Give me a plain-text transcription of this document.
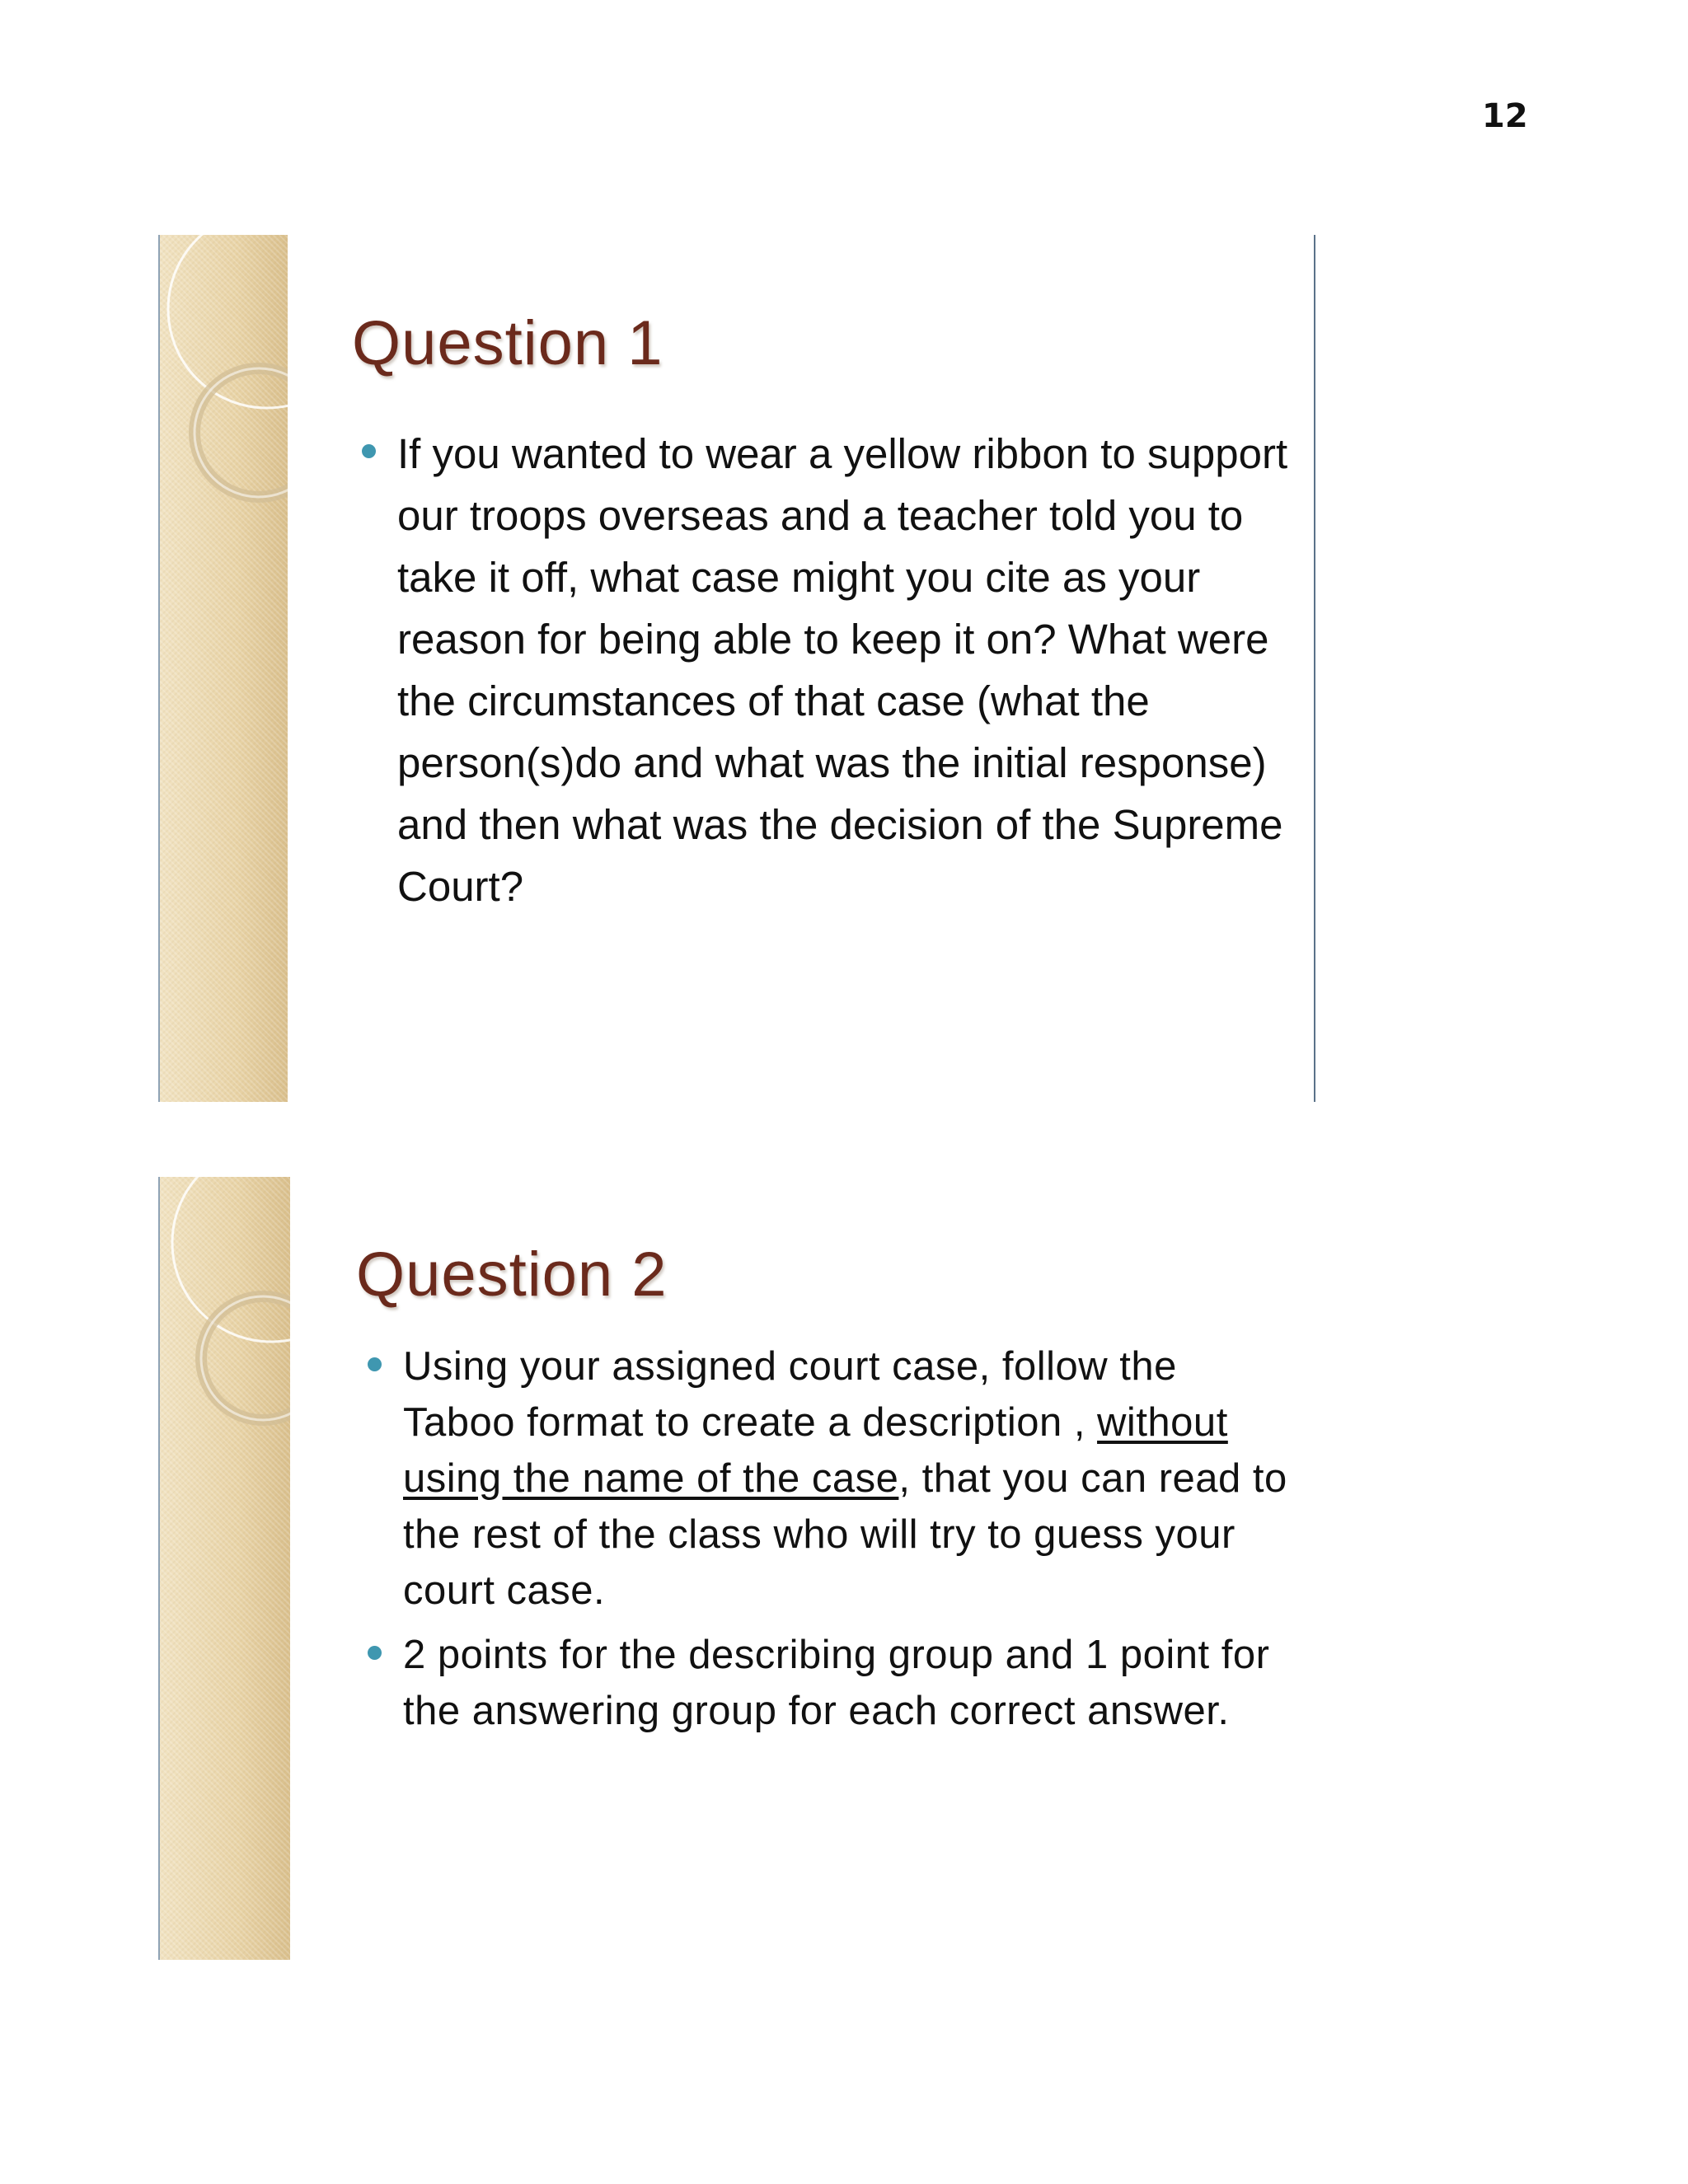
12
Question 1
If you wanted to wear a yellow ribbon to support our troops overseas and a teacher told you to take it off, what case might you cite as your reason for being able to keep it on? What were the circumstances of that case (what the person(s)do and what was the initial response) and then what was the decision of the Supreme Court?
Question 2
Using your assigned court case, follow the Taboo format to create a description , without using the name of the case, that you can read to the rest of the class who will try to guess your court case.
2 points for the describing group and 1 point for the answering group for each correct answer.
